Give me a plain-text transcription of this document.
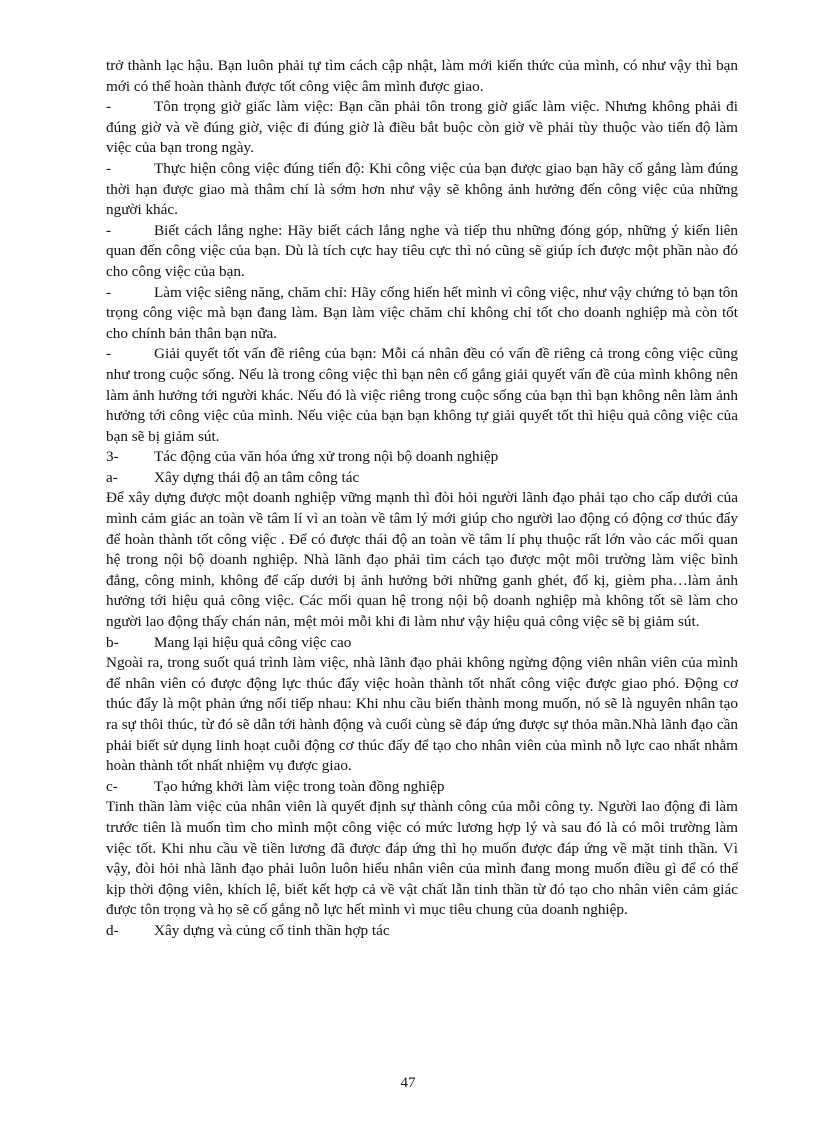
trở thành lạc hậu. Bạn luôn phải tự tìm cách cập nhật, làm mới kiến thức của mình, có như vậy thì bạn mới có thể hoàn thành được tốt công việc âm mình được giao.

-	Tôn trọng giờ giấc làm việc: Bạn cần phải tôn trong giờ giấc làm việc. Nhưng không phải đi đúng giờ và về đúng giờ, việc đi đúng giờ là điều bắt buộc còn giờ về phải tùy thuộc vào tiến độ làm việc của bạn trong ngày.

-	Thực hiện công việc đúng tiến độ: Khi công việc của bạn được giao bạn hãy cố gắng làm đúng thời hạn được giao mà thâm chí là sớm hơn như vậy sẽ không ảnh hưởng đến công việc của những người khác.

-	Biết cách lắng nghe: Hãy biết cách lắng nghe và tiếp thu những đóng góp, những ý kiến liên quan đến công việc của bạn. Dù là tích cực hay tiêu cực thì nó cũng sẽ giúp ích được một phần nào đó cho công việc của bạn.

-	Làm việc siêng năng, chăm chỉ: Hãy cống hiến hết mình vì công việc, như vậy chứng tỏ bạn tôn trọng công việc mà bạn đang làm. Bạn làm việc chăm chỉ không chỉ tốt cho doanh nghiệp mà còn tốt cho chính bản thân bạn nữa.

-	Giải quyết tốt vấn đề riêng của bạn: Mỗi cá nhân đều có vấn đề riêng cả trong công việc cũng như trong cuộc sống. Nếu là trong công việc thì bạn nên cố gắng giải quyết vấn đề của mình không nên làm ảnh hưởng tới người khác. Nếu đó là việc riêng trong cuộc sống của bạn thì bạn không nên làm ảnh hưởng tới công việc của mình. Nếu việc của bạn bạn không tự giải quyết tốt thì hiệu quả công việc của bạn sẽ bị giảm sút.

3- Tác động của văn hóa ứng xử trong nội bộ doanh nghiệp

a- Xây dựng thái độ an tâm công tác

Để xây dựng được một doanh nghiệp vững mạnh thì đòi hỏi người lãnh đạo phải tạo cho cấp dưới của mình cảm giác an toàn về tâm lí vì an toàn về tâm lý mới giúp cho người lao động có động cơ thúc đẩy để hoàn thành tốt công việc . Để có được thái độ an toàn về tâm lí phụ thuộc rất lớn vào các mối quan hệ trong nội bộ doanh nghiệp. Nhà lãnh đạo phải tìm cách tạo được một môi trường làm việc bình đẳng, công minh, không để cấp dưới bị ảnh hưởng bởi những ganh ghét, đố kị, gièm pha…làm ảnh hưởng tới hiệu quả công việc. Các mối quan hệ trong nội bộ doanh nghiệp mà không tốt sẽ làm cho người lao động thấy chán nản, mệt mỏi mỗi khi đi làm như vậy hiệu quả công việc sẽ bị giảm sút.

b- Mang lại hiệu quả công việc cao

Ngoài ra, trong suốt quá trình làm việc, nhà lãnh đạo phải không ngừng động viên nhân viên của mình để nhân viên có được động lực thúc đẩy việc hoàn thành tốt nhất công việc được giao phó. Động cơ thúc đẩy là một phản ứng nối tiếp nhau: Khi nhu cầu biến thành mong muốn, nó sẽ là nguyên nhân tạo ra sự thôi thúc, từ đó sẽ dẫn tới hành động và cuối cùng sẽ đáp ứng được sự thỏa mãn.Nhà lãnh đạo cần phải biết sử dụng linh hoạt cuỗi động cơ thúc đẩy để tạo cho nhân viên của mình nỗ lực cao nhất nhằm hoàn thành tốt nhất nhiệm vụ được giao.

c- Tạo hứng khởi làm việc trong toàn đồng nghiệp

Tinh thần làm việc của nhân viên là quyết định sự thành công của mỗi công ty. Người lao động đi làm trước tiên là muốn tìm cho mình một công việc có mức lương hợp lý và sau đó là có môi trường làm việc tốt. Khi nhu cầu về tiền lương đã được đáp ứng thì họ muốn được đáp ứng về mặt tinh thần. Vì vậy, đòi hỏi nhà lãnh đạo phải luôn luôn hiểu nhân viên của mình đang mong muốn điều gì để có thể kịp thời động viên, khích lệ, biết kết hợp cả về vật chất lẫn tinh thần từ đó tạo cho nhân viên cảm giác được tôn trọng và họ sẽ cố gắng nỗ lực hết mình vì mục tiêu chung của doanh nghiệp.

d- Xây dựng và củng cố tinh thần hợp tác

47
